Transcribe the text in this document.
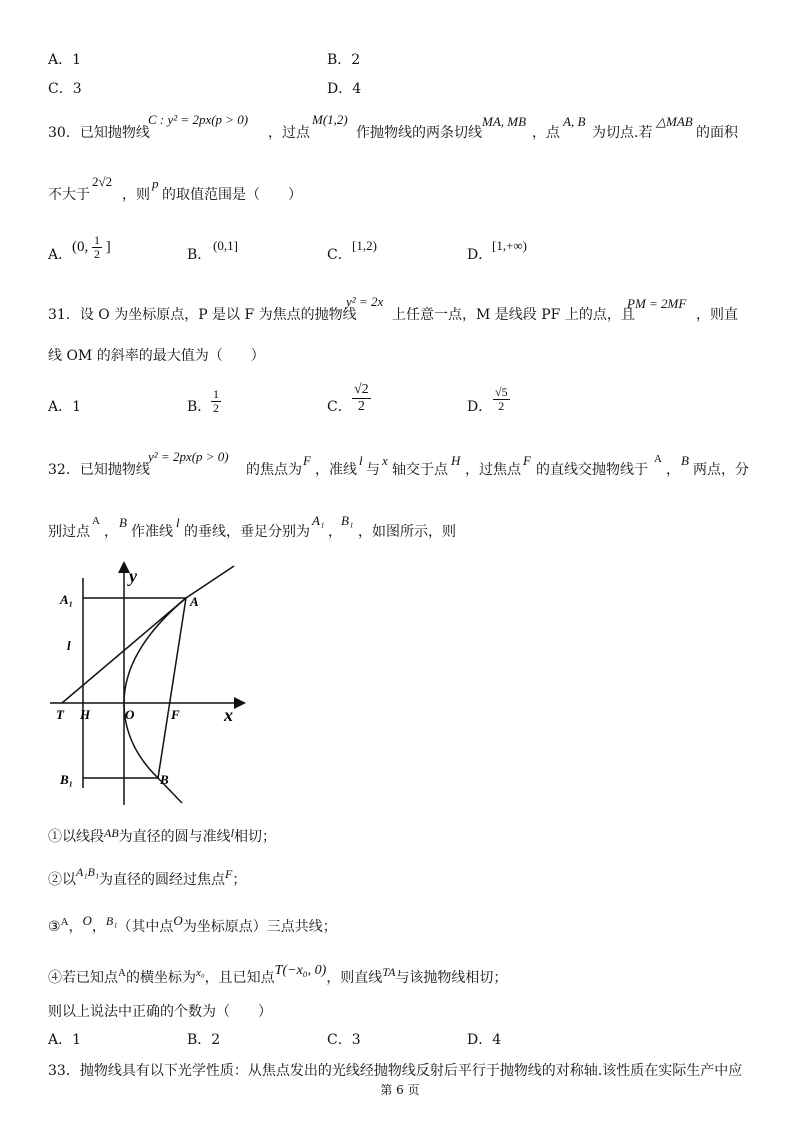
A．1	B．2
C．3	D．4
30．已知抛物线
C : y² = 2px(p > 0)
，过点
M(1,2)
作抛物线的两条切线
MA, MB
，点
A, B
为切点.若
△MAB
的面积
不大于
2√2
，则
p
的取值范围是（　　）
A．
(0, $\frac{1}{2}$ ]
B．
(0,1]
C．
[1,2)
D．
[1,+∞)
31．设 O 为坐标原点，P 是以 F 为焦点的抛物线
y² = 2x
上任意一点，M 是线段 PF 上的点，且
PM = 2MF
，则直
线 OM 的斜率的最大值为（　　）
A．1	B． $\frac{1}{2}$	C． $\frac{√2}{2}$	D． $\frac{√5}{2}$
32．已知抛物线
y² = 2px(p > 0)
的焦点为
F
，准线
l
与
x
轴交于点
H
，过焦点
F
的直线交抛物线于
A
，
B
两点，分
别过点
A
，
B
作准线
l
的垂线，垂足分别为
A₁
，
B₁
，如图所示，则
A₁	A
l
y
T H	O	F x
B₁	B
①以线段AB为直径的圆与准线l相切；
②以A₁B₁为直径的圆经过焦点F；
③$^A$，O，B₁（其中点O为坐标原点）三点共线；
④若已知点$^A$的横坐标为$^{x_0}$，且已知点T(−x₀, 0)，则直线TA与该抛物线相切；
则以上说法中正确的个数为（　　）
A．1	B．2	C．3	D．4
33．抛物线具有以下光学性质：从焦点发出的光线经抛物线反射后平行于抛物线的对称轴.该性质在实际生产中应
第 6 页
